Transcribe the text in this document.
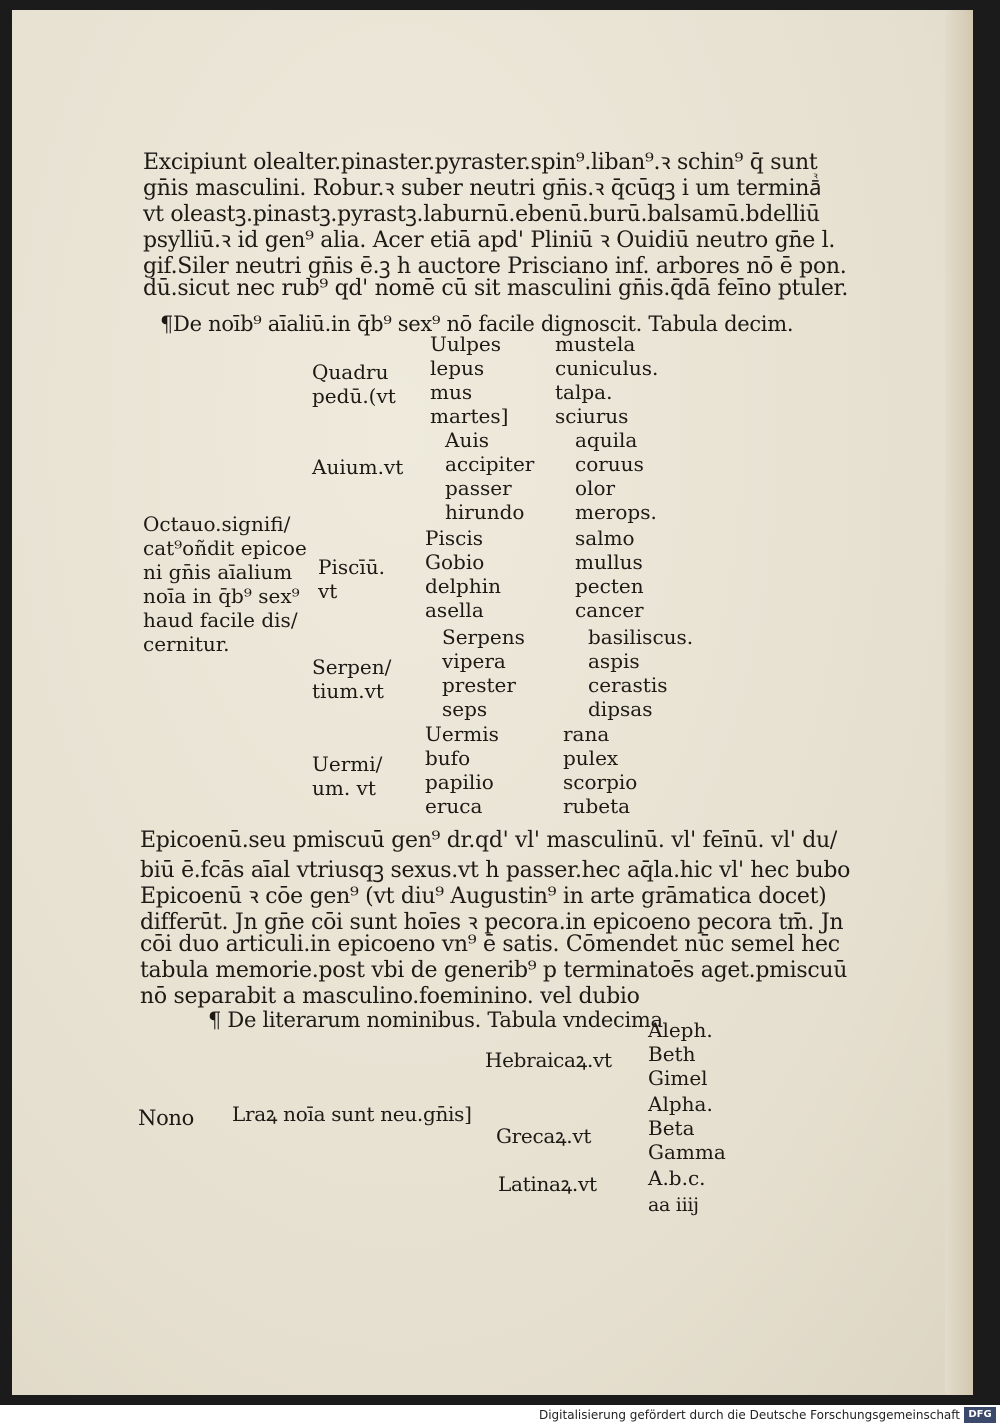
Excipiunt olealter.pinaster.pyraster.spin⁹.liban⁹.ꝛ schin⁹ q̄ sunt
gn̄is masculini. Robur.ꝛ suber neutri gn̄is.ꝛ q̄cūqꝫ i um termināᷣ
vt oleastꝫ.pinastꝫ.pyrastꝫ.laburnū.ebenū.burū.balsamū.bdelliū
psylliū.ꝛ id gen⁹ alia. Acer etiā apd' Pliniū ꝛ Ouidiū neutro gn̄e l.
gif.Siler neutri gn̄is ē.ꝫ h auctore Prisciano inf. arbores nō ē pon.
dū.sicut nec rub⁹ qd' nomē cū sit masculini gn̄is.q̄dā feīno ptuler.
¶De noīb⁹ aīaliū.in q̄b⁹ sex⁹ nō facile dignoscit. Tabula decim.
Octauo.signifi/
cat⁹oñdit epicoe
ni gn̄is aīalium
noīa in q̄b⁹ sex⁹
haud facile dis/
cernitur.
Quadru
pedū.(vt
Uulpes
lepus
mus
martes]
mustela
cuniculus.
talpa.
sciurus
Auium.vt
Auis
accipiter
passer
hirundo
aquila
coruus
olor
merops.
Piscīū.
vt
Piscis
Gobio
delphin
asella
salmo
mullus
pecten
cancer
Serpen/
tium.vt
Serpens
vipera
prester
seps
basiliscus.
aspis
cerastis
dipsas
Uermi/
um. vt
Uermis
bufo
papilio
eruca
rana
pulex
scorpio
rubeta
Epicoenū.seu pmiscuū gen⁹ dr.qd' vl' masculinū. vl' feīnū. vl' du/
biū ē.fcās aīal vtriusqꝫ sexus.vt h passer.hec aq̄la.hic vl' hec bubo
Epicoenū ꝛ cōe gen⁹ (vt diu⁹ Augustin⁹ in arte grāmatica docet)
differūt. Jn gn̄e cōi sunt hoīes ꝛ pecora.in epicoeno pecora tm̄. Jn
cōi duo articuli.in epicoeno vn⁹ ē satis. Cōmendet nūc semel hec
tabula memorie.post vbi de generib⁹ p terminatoēs aget.pmiscuū
nō separabit a masculino.foeminino. vel dubio
¶ De literarum nominibus. Tabula vndecima
Nono Lraꝝ noīa sunt neu.gn̄is]
Hebraicaꝝ.vt
Aleph.
Beth
Gimel
Grecaꝝ.vt
Alpha.
Beta
Gamma
Latinaꝝ.vt	A.b.c.
aa iiij
Digitalisierung gefördert durch die Deutsche Forschungsgemeinschaft DFG
